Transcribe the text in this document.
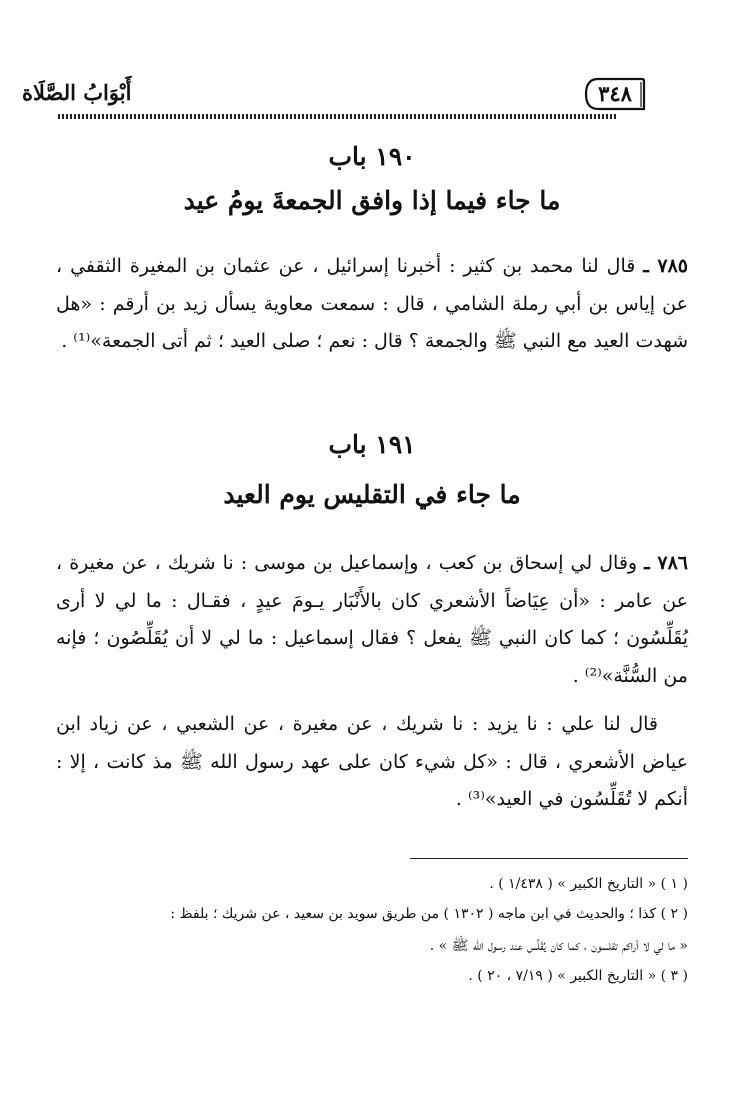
أَبْوَابُ الصَّلَاة	٣٤٨
١٩٠ باب
ما جاء فيما إذا وافق الجمعةَ يومُ عيد
٧٨٥ ـ قال لنا محمد بن كثير : أخبرنا إسرائيل ، عن عثمان بن المغيرة الثقفي ، عن إياس بن أبي رملة الشامي ، قال : سمعت معاوية يسأل زيد بن أرقم : «هل شهدت العيد مع النبي ﷺ والجمعة ؟ قال : نعم ؛ صلى العيد ؛ ثم أتى الجمعة»⁽¹⁾ .
١٩١ باب
ما جاء في التقليس يوم العيد
٧٨٦ ـ وقال لي إسحاق بن كعب ، وإسماعيل بن موسى : نا شريك ، عن مغيرة ، عن عامر : «أن عِيَاضاً الأشعري كان بالأَنْبَار يـومَ عيدٍ ، فقـال : ما لي لا أرى يُقَلِّسُون ؛ كما كان النبي ﷺ يفعل ؟ فقال إسماعيل : ما لي لا أن يُقَلِّصُون ؛ فإنه من السُّنَّة»⁽²⁾ .
قال لنا علي : نا يزيد : نا شريك ، عن مغيرة ، عن الشعبي ، عن زياد ابن عياض الأشعري ، قال : «كل شيء كان على عهد رسول الله ﷺ مذ كانت ، إلا : أنكم لا تُقَلِّسُون في العيد»⁽³⁾ .
( ١ ) « التاريخ الكبير » ( ١/٤٣٨ ) .
( ٢ ) كذا ؛ والحديث في ابن ماجه ( ١٣٠٢ ) من طريق سويد بن سعيد ، عن شريك ؛ بلفظ :
« ما لي لا أراكم تقلسون ، كما كان يُقَلَّس عند رسول الله ﷺ » .
( ٣ ) « التاريخ الكبير » ( ٧/١٩ ، ٢٠ ) .
